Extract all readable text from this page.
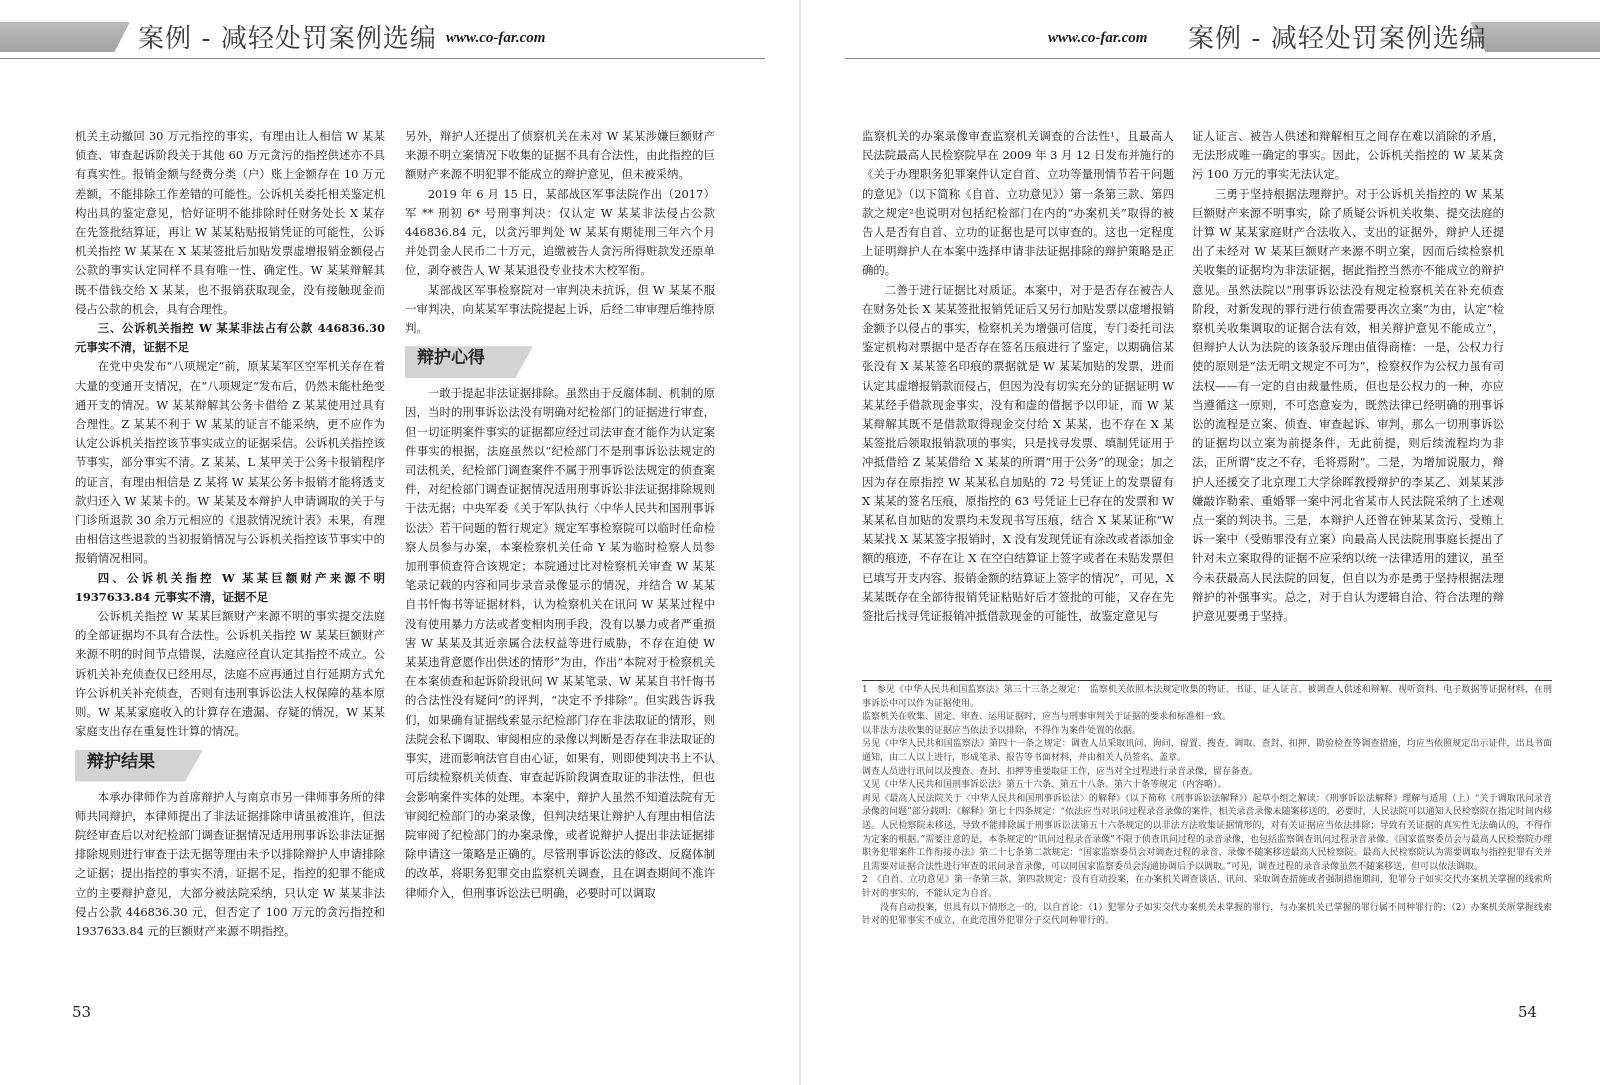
案例 - 减轻处罚案例选编 www.co-far.com

机关主动撤回 30 万元指控的事实，有理由让人相信 W 某某侦查、审查起诉阶段关于其他 60 万元贪污的指控供述亦不具有真实性。报销金额与经费分类（户）账上金额存在 10 万元差额，不能排除工作差错的可能性。公诉机关委托相关鉴定机构出具的鉴定意见，恰好证明不能排除时任财务处长 X 某存在先签批结算证，再让 W 某某粘贴报销凭证的可能性，公诉机关指控 W 某某在 X 某某签批后加贴发票虚增报销金额侵占公款的事实认定同样不具有唯一性、确定性。W 某某辩解其既不借钱交给 X 某某，也不报销获取现金，没有接触现金而侵占公款的机会，具有合理性。

三、公诉机关指控 W 某某非法占有公款 446836.30 元事实不清，证据不足

在党中央发布“八项规定”前，原某某军区空军机关存在着大量的变通开支情况，在“八项规定”发布后，仍然未能杜绝变通开支的情况。W 某某辩解其公务卡借给 Z 某某使用过具有合理性。Z 某某不利于 W 某某的证言不能采纳，更不应作为认定公诉机关指控该节事实成立的证据采信。公诉机关指控该节事实，部分事实不清。Z 某某、L 某甲关于公务卡报销程序的证言，有理由相信是 Z 某将 W 某某公务卡报销才能将透支款归还入 W 某某卡的。W 某某及本辩护人申请调取的关于与门诊所退款 30 余万元相应的《退款情况统计表》未果，有理由相信这些退款的当初报销情况与公诉机关指控该节事实中的报销情况相同。

四、公诉机关指控 W 某某巨额财产来源不明 1937633.84 元事实不清，证据不足

公诉机关指控 W 某某巨额财产来源不明的事实提交法庭的全部证据均不具有合法性。公诉机关指控 W 某某巨额财产来源不明的时间节点错误，法庭应径直认定其指控不成立。公诉机关补充侦查仅已经用尽，法庭不应再通过自行延期方式允许公诉机关补充侦查，否则有违刑事诉讼法人权保障的基本原则。W 某某家庭收入的计算存在遗漏、存疑的情况，W 某某家庭支出存在重复性计算的情况。

辩护结果

本承办律师作为首席辩护人与南京市另一律师事务所的律师共同辩护，本律师提出了非法证据排除申请虽被准许，但法院经审查后以对纪检部门调查证据情况适用刑事诉讼非法证据排除规则进行审查于法无据等理由未予以排除辩护人申请排除之证据；提出指控的事实不清，证据不足，指控的犯罪不能成立的主要辩护意见，大部分被法院采纳，只认定 W 某某非法侵占公款 446836.30 元，但否定了 100 万元的贪污指控和1937633.84 元的巨额财产来源不明指控。

另外，辩护人还提出了侦察机关在未对 W 某某涉嫌巨额财产来源不明立案情况下收集的证据不具有合法性，由此指控的巨额财产来源不明犯罪不能成立的辩护意见，但未被采纳。

2019 年 6 月 15 日，某部战区军事法院作出（2017）军 ** 刑初 6* 号刑事判决：仅认定 W 某某非法侵占公款 446836.84 元，以贪污罪判处 W 某某有期徒刑三年六个月并处罚金人民币二十万元，追缴被告人贪污所得赃款发还原单位，剥夺被告人 W 某某退役专业技术大校军衔。

某部战区军事检察院对一审判决未抗诉，但 W 某某不服一审判决，向某某军事法院提起上诉，后经二审审理后维持原判。

辩护心得

一敢于提起非法证据排除。虽然由于反腐体制、机制的原因，当时的刑事诉讼法没有明确对纪检部门的证据进行审查，但一切证明案件事实的证据都应经过司法审查才能作为认定案件事实的根据，法庭虽然以“纪检部门不是刑事诉讼法规定的司法机关，纪检部门调查案件不属于刑事诉讼法规定的侦查案件，对纪检部门调查证据情况适用刑事诉讼非法证据排除规则于法无据；中央军委《关于军队执行〈中华人民共和国刑事诉讼法〉若干问题的暂行规定》规定军事检察院可以临时任命检察人员参与办案，本案检察机关任命 Y 某为临时检察人员参加刑事侦查符合该规定；本院通过比对检察机关审查 W 某某笔录记载的内容和同步录音录像显示的情况，并结合 W 某某自书忏悔书等证据材料，认为检察机关在讯问 W 某某过程中没有使用暴力方法或者变相肉刑手段，没有以暴力或者严重损害 W 某某及其近亲属合法权益等进行威胁，不存在迫使 W 某某违背意愿作出供述的情形”为由，作出“本院对于检察机关在本案侦查和起诉阶段讯问 W 某某笔录、W 某某自书忏悔书的合法性没有疑问”的评判，“决定不予排除”。但实践告诉我们，如果确有证据线索显示纪检部门存在非法取证的情形，则法院会私下调取、审阅相应的录像以判断是否存在非法取证的事实，进而影响法官自由心证，如果有，则即使判决书上不认可后续检察机关侦查、审查起诉阶段调查取证的非法性，但也会影响案件实体的处理。本案中，辩护人虽然不知道法院有无审阅纪检部门的办案录像，但判决结果让辩护人有理由相信法院审阅了纪检部门的办案录像，或者说辩护人提出非法证据排除申请这一策略是正确的。尽管刑事诉讼法的修改、反腐体制的改革，将职务犯罪交由监察机关调查，且在调查期间不准许律师介入，但刑事诉讼法已明确，必要时可以调取

53
www.co-far.com 案例 - 减轻处罚案例选编

监察机关的办案录像审查监察机关调查的合法性¹，且最高人民法院最高人民检察院早在 2009 年 3 月 12 日发布并施行的《关于办理职务犯罪案件认定自首、立功等量刑情节若干问题的意见》（以下简称《自首、立功意见》）第一条第三款、第四款之规定²也说明对包括纪检部门在内的“办案机关”取得的被告人是否有自首、立功的证据也是可以审查的。这也一定程度上证明辩护人在本案中选择申请非法证据排除的辩护策略是正确的。

二善于进行证据比对质证。本案中，对于是否存在被告人在财务处长 X 某某签批报销凭证后又另行加贴发票以虚增报销金额予以侵占的事实，检察机关为增强可信度，专门委托司法鉴定机构对票据中是否存在签名压痕进行了鉴定，以期确信某张没有 X 某某签名印痕的票据就是 W 某某加贴的发票，进而认定其虚增报销款而侵占，但因为没有切实充分的证据证明 W 某某经手借款现金事实，没有和虚的借据予以印证，而 W 某某辩解其既不是借款取得现金交付给 X 某某，也不存在 X 某某签批后领取报销款项的事实，只是找寻发票、填制凭证用于冲抵借给 Z 某某借给 X 某某的所谓“用于公务”的现金；加之因为存在原指控 W 某某私自加贴的 72 号凭证上的发票留有 X 某某的签名压痕，原指控的 63 号凭证上已存在的发票和 W 某某私自加贴的发票均未发现书写压痕，结合 X 某某证称“W 某某找 X 某某签字报销时，X 没有发现凭证有涂改或者添加金额的痕迹，不存在让 X 在空白结算证上签字或者在未贴发票但已填写开支内容、报销金额的结算证上签字的情况”，可见，X 某某既存在全部待报销凭证粘贴好后才签批的可能，又存在先签批后找寻凭证报销冲抵借款现金的可能性，故鉴定意见与

证人证言、被告人供述和辩解相互之间存在难以消除的矛盾，无法形成唯一确定的事实。因此，公诉机关指控的 W 某某贪污 100 万元的事实无法认定。

三勇于坚持根据法理辩护。对于公诉机关指控的 W 某某巨额财产来源不明事实，除了质疑公诉机关收集、提交法庭的计算 W 某某家庭财产合法收入、支出的证据外，辩护人还提出了未经对 W 某某巨额财产来源不明立案，因而后续检察机关收集的证据均为非法证据，据此指控当然亦不能成立的辩护意见。虽然法院以“刑事诉讼法没有规定检察机关在补充侦查阶段，对新发现的罪行进行侦查需要再次立案”为由，认定“检察机关收集调取的证据合法有效，相关辩护意见不能成立”，但辩护人认为法院的该条驳斥理由值得商榷：一是，公权力行使的原则是“法无明文规定不可为”，检察权作为公权力虽有司法权——有一定的自由裁量性质，但也是公权力的一种，亦应当遵循这一原则，不可恣意妄为，既然法律已经明确的刑事诉讼的流程是立案、侦查、审查起诉、审判，那么一切刑事诉讼的证据均以立案为前提条件，无此前提，则后续流程均为非法，正所谓“皮之不存，毛将焉附”。二是，为增加说服力，辩护人还援交了北京理工大学徐晖教授辩护的李某乙、刘某某涉嫌敲诈勒索、重婚罪一案中河北省某市人民法院采纳了上述观点一案的判决书。三是，本辩护人还曾在钟某某贪污、受贿上诉一案中（受贿罪没有立案）向最高人民法院刑事庭长提出了针对未立案取得的证据不应采纳以统一法律适用的建议，虽至今未获最高人民法院的回复，但自以为亦是勇于坚持根据法理辩护的补强事实。总之，对于自认为逻辑自洽、符合法理的辩护意见要勇于坚持。

1　参见《中华人民共和国监察法》第三十三条之规定：　监察机关依照本法规定收集的物证、书证、证人证言、被调查人供述和辩解、视听资料、电子数据等证据材料，在刑事诉讼中可以作为证据使用。

监察机关在收集、固定、审查、运用证据时，应当与刑事审判关于证据的要求和标准相一致。

以非法方法收集的证据应当依法予以排除，不得作为案件处置的依据。

另见《中华人民共和国监察法》第四十一条之规定：调查人员采取讯问、询问、留置、搜查、调取、查封、扣押、勘验检查等调查措施，均应当依照规定出示证件，出具书面通知，由二人以上进行，形成笔录、报告等书面材料，并由相关人员签名、盖章。

调查人员进行讯问以及搜查、查封、扣押等重要取证工作，应当对全过程进行录音录像，留存备查。

又见《中华人民共和国刑事诉讼法》第五十六条、第五十八条、第六十条等规定（内容略）。

再见《最高人民法院关于〈中华人民共和国刑事诉讼法〉的解释》（以下简称《刑事诉讼法解释》）起草小组之解读：《刑事诉讼法解释》理解与适用（上）“关于调取讯问录音录像的问题”部分载明：《解释》第七十四条规定：“依法应当对讯问过程录音录像的案件，相关录音录像未随案移送的，必要时，人民法院可以通知人民检察院在指定时间内移送。人民检察院未移送，导致不能排除属于刑事诉讼法第五十六条规定的以非法方法收集证据情形的，对有关证据应当依法排除；导致有关证据的真实性无法确认的，不得作为定案的根据。”需要注意的是，本条规定的“讯问过程录音录像”不限于侦查讯问过程的录音录像，也包括监察调查讯问过程录音录像。《国家监察委员会与最高人民检察院办理职务犯罪案件工作衔接办法》第二十七条第二款规定：“国家监察委员会对调查过程的录音、录像不随案移送最高人民检察院。最高人民检察院认为需要调取与指控犯罪有关并且需要对证据合法性进行审查的讯问录音录像，可以同国家监察委员会沟通协调后予以调取。”可见，调查过程的录音录像虽然不随案移送，但可以依法调取。

2　《自首、立功意见》第一条第三款、第四款规定：没有自动投案，在办案机关调查谈话、讯问、采取调查措施或者强制措施期间，犯罪分子如实交代办案机关掌握的线索所针对的事实的，不能认定为自首。

没有自动投案，但具有以下情形之一的，以自首论：（1）犯罪分子如实交代办案机关未掌握的罪行，与办案机关已掌握的罪行属不同种罪行的；（2）办案机关所掌握线索针对的犯罪事实不成立，在此范围外犯罪分子交代同种罪行的。

54
